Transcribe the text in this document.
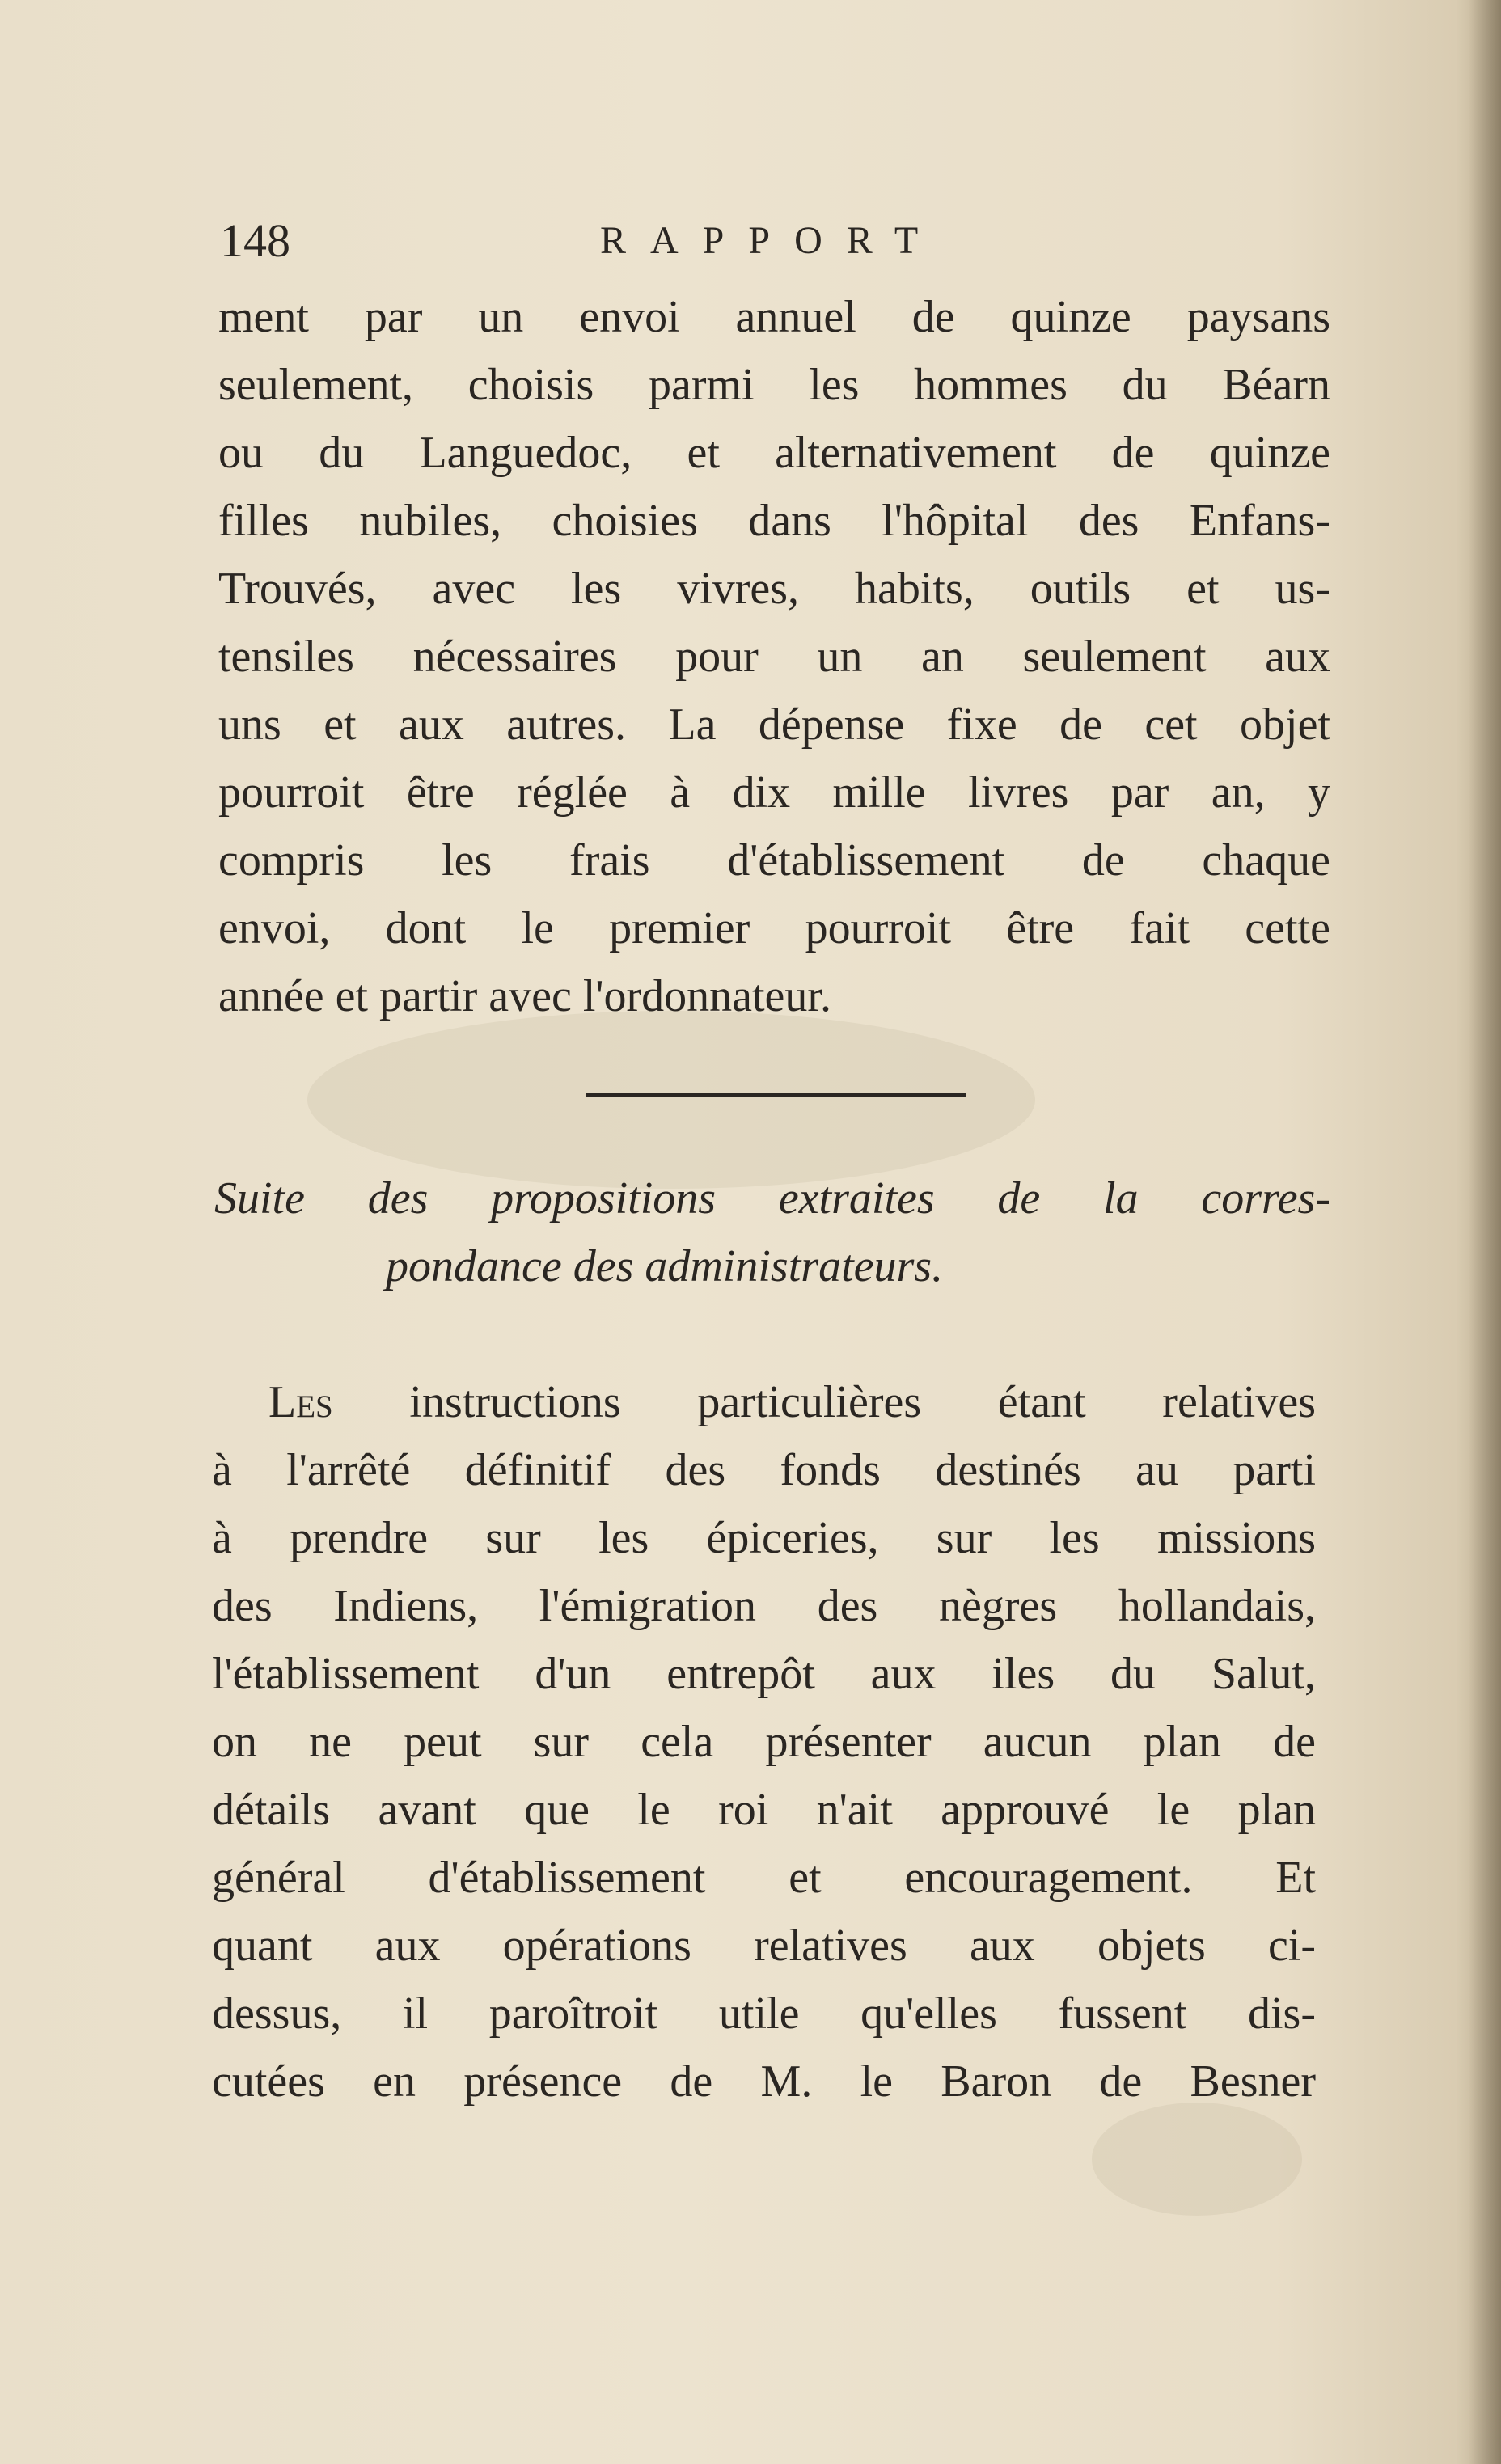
148	RAPPORT
ment par un envoi annuel de quinze paysans
seulement, choisis parmi les hommes du Béarn
ou du Languedoc, et alternativement de quinze
filles nubiles, choisies dans l'hôpital des Enfans-
Trouvés, avec les vivres, habits, outils et us-
tensiles nécessaires pour un an seulement aux
uns et aux autres. La dépense fixe de cet objet
pourroit être réglée à dix mille livres par an, y
compris les frais d'établissement de chaque
envoi, dont le premier pourroit être fait cette
année et partir avec l'ordonnateur.
Suite des propositions extraites de la corres-
pondance des administrateurs.
Les instructions particulières étant relatives
à l'arrêté définitif des fonds destinés au parti
à prendre sur les épiceries, sur les missions
des Indiens, l'émigration des nègres hollandais,
l'établissement d'un entrepôt aux iles du Salut,
on ne peut sur cela présenter aucun plan de
détails avant que le roi n'ait approuvé le plan
général d'établissement et encouragement. Et
quant aux opérations relatives aux objets ci-
dessus, il paroîtroit utile qu'elles fussent dis-
cutées en présence de M. le Baron de Besner
